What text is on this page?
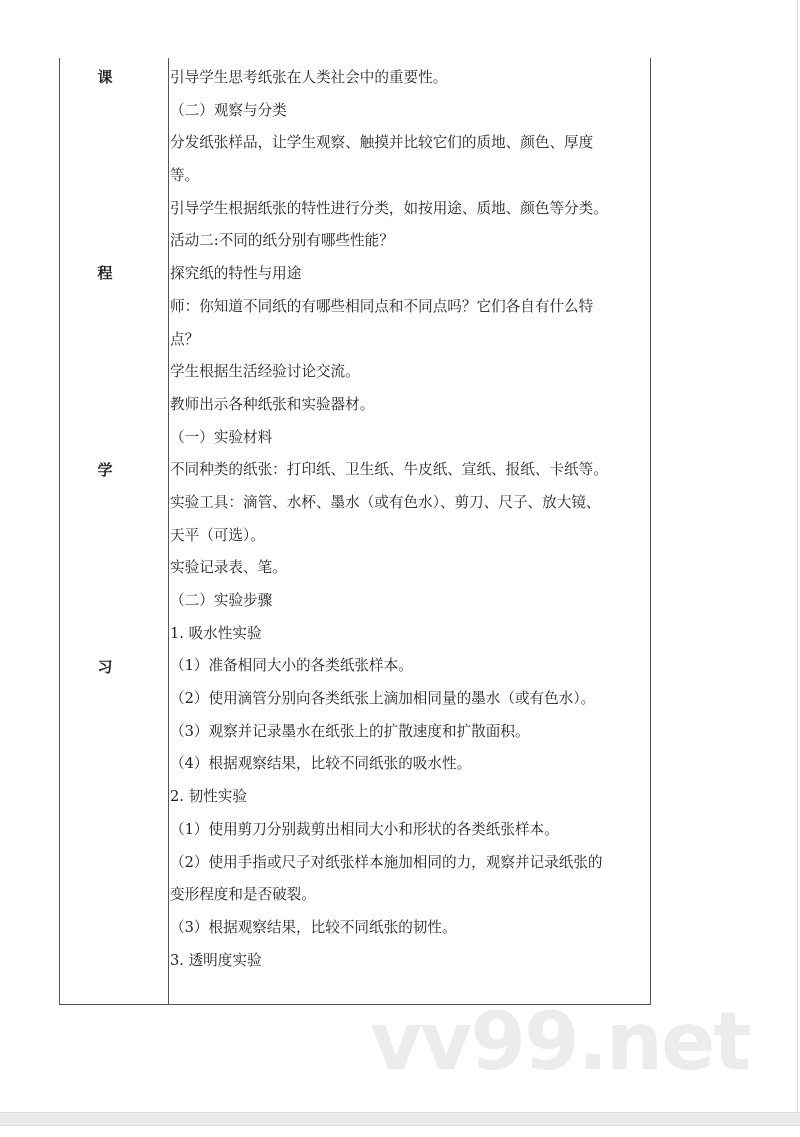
课
程
学
习
引导学生思考纸张在人类社会中的重要性。
（二）观察与分类
分发纸张样品，让学生观察、触摸并比较它们的质地、颜色、厚度
等。
引导学生根据纸张的特性进行分类，如按用途、质地、颜色等分类。
活动二:不同的纸分别有哪些性能？
探究纸的特性与用途
师：你知道不同纸的有哪些相同点和不同点吗？它们各自有什么特
点？
学生根据生活经验讨论交流。
教师出示各种纸张和实验器材。
（一）实验材料
不同种类的纸张：打印纸、卫生纸、牛皮纸、宣纸、报纸、卡纸等。
实验工具：滴管、水杯、墨水（或有色水）、剪刀、尺子、放大镜、
天平（可选）。
实验记录表、笔。
（二）实验步骤
1. 吸水性实验
（1）准备相同大小的各类纸张样本。
（2）使用滴管分别向各类纸张上滴加相同量的墨水（或有色水）。
（3）观察并记录墨水在纸张上的扩散速度和扩散面积。
（4）根据观察结果，比较不同纸张的吸水性。
2. 韧性实验
（1）使用剪刀分别裁剪出相同大小和形状的各类纸张样本。
（2）使用手指或尺子对纸张样本施加相同的力，观察并记录纸张的
变形程度和是否破裂。
（3）根据观察结果，比较不同纸张的韧性。
3. 透明度实验
vv99.net
